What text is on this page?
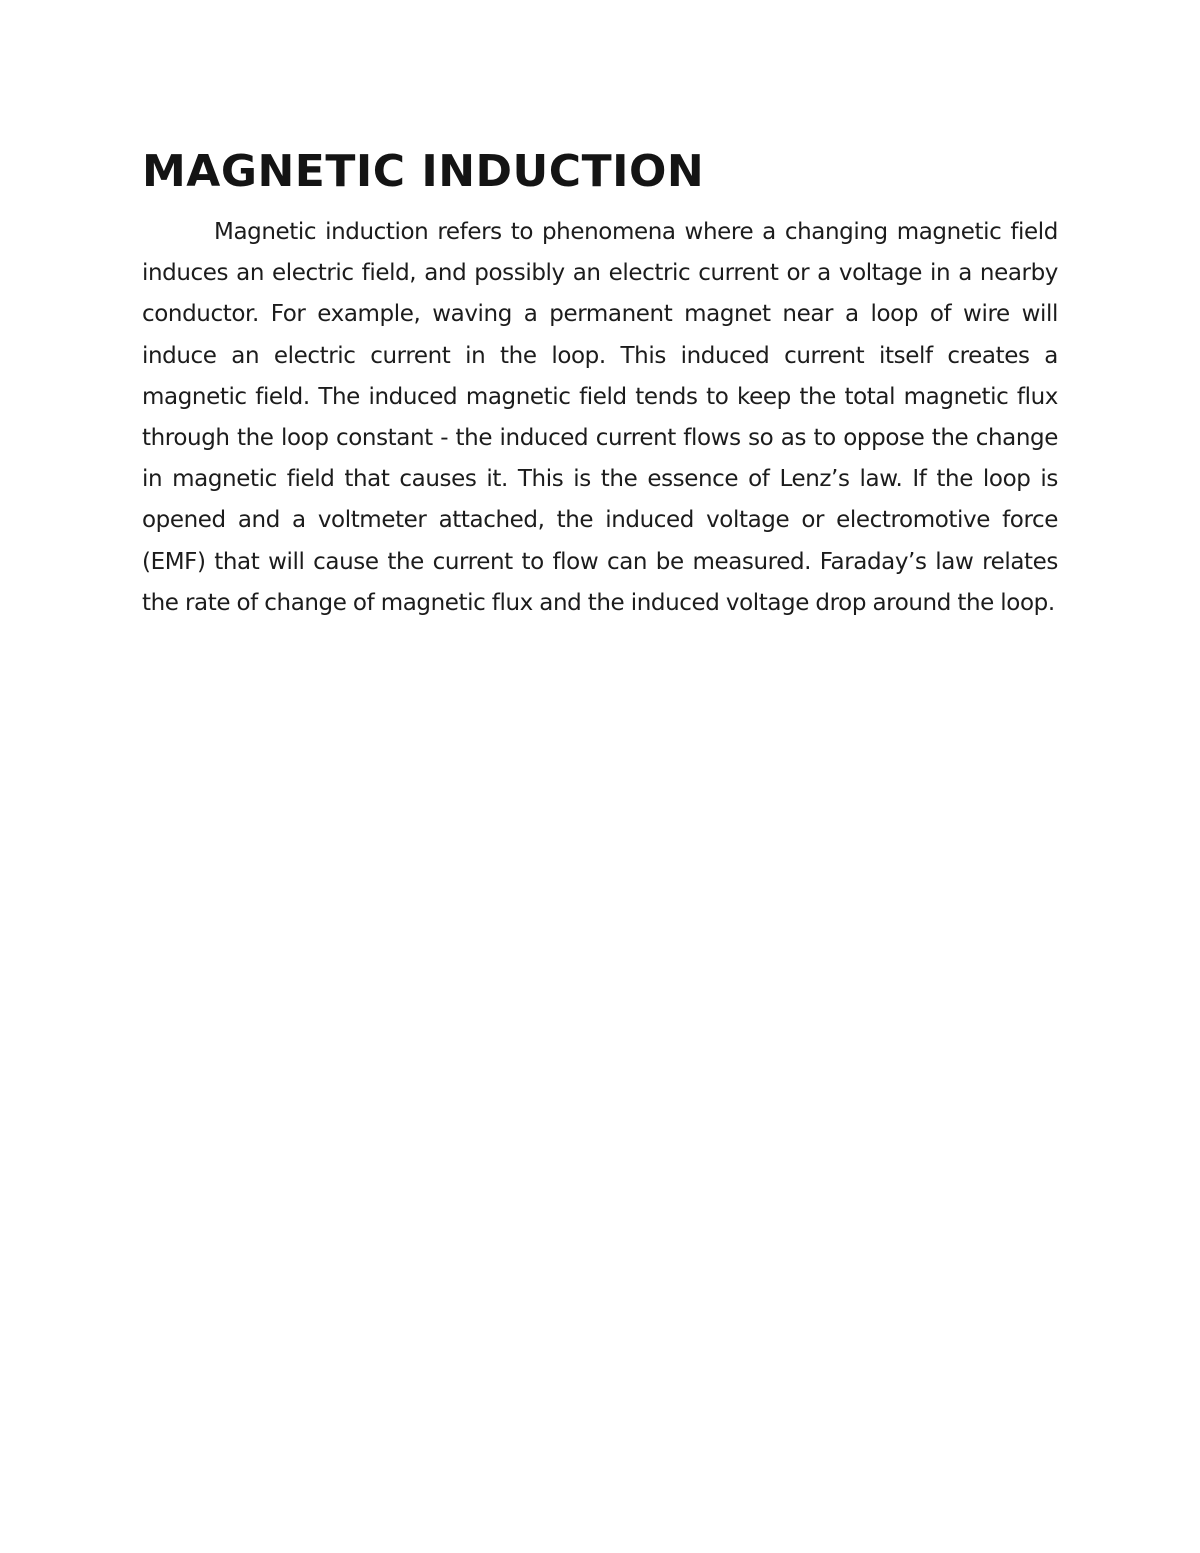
MAGNETIC INDUCTION

Magnetic induction refers to phenomena where a changing magnetic field induces an electric field, and possibly an electric current or a voltage in a nearby conductor. For example, waving a permanent magnet near a loop of wire will induce an electric current in the loop. This induced current itself creates a magnetic field. The induced magnetic field tends to keep the total magnetic flux through the loop constant - the induced current flows so as to oppose the change in magnetic field that causes it. This is the essence of Lenz’s law. If the loop is opened and a voltmeter attached, the induced voltage or electromotive force (EMF) that will cause the current to flow can be measured. Faraday’s law relates the rate of change of magnetic flux and the induced voltage drop around the loop.
